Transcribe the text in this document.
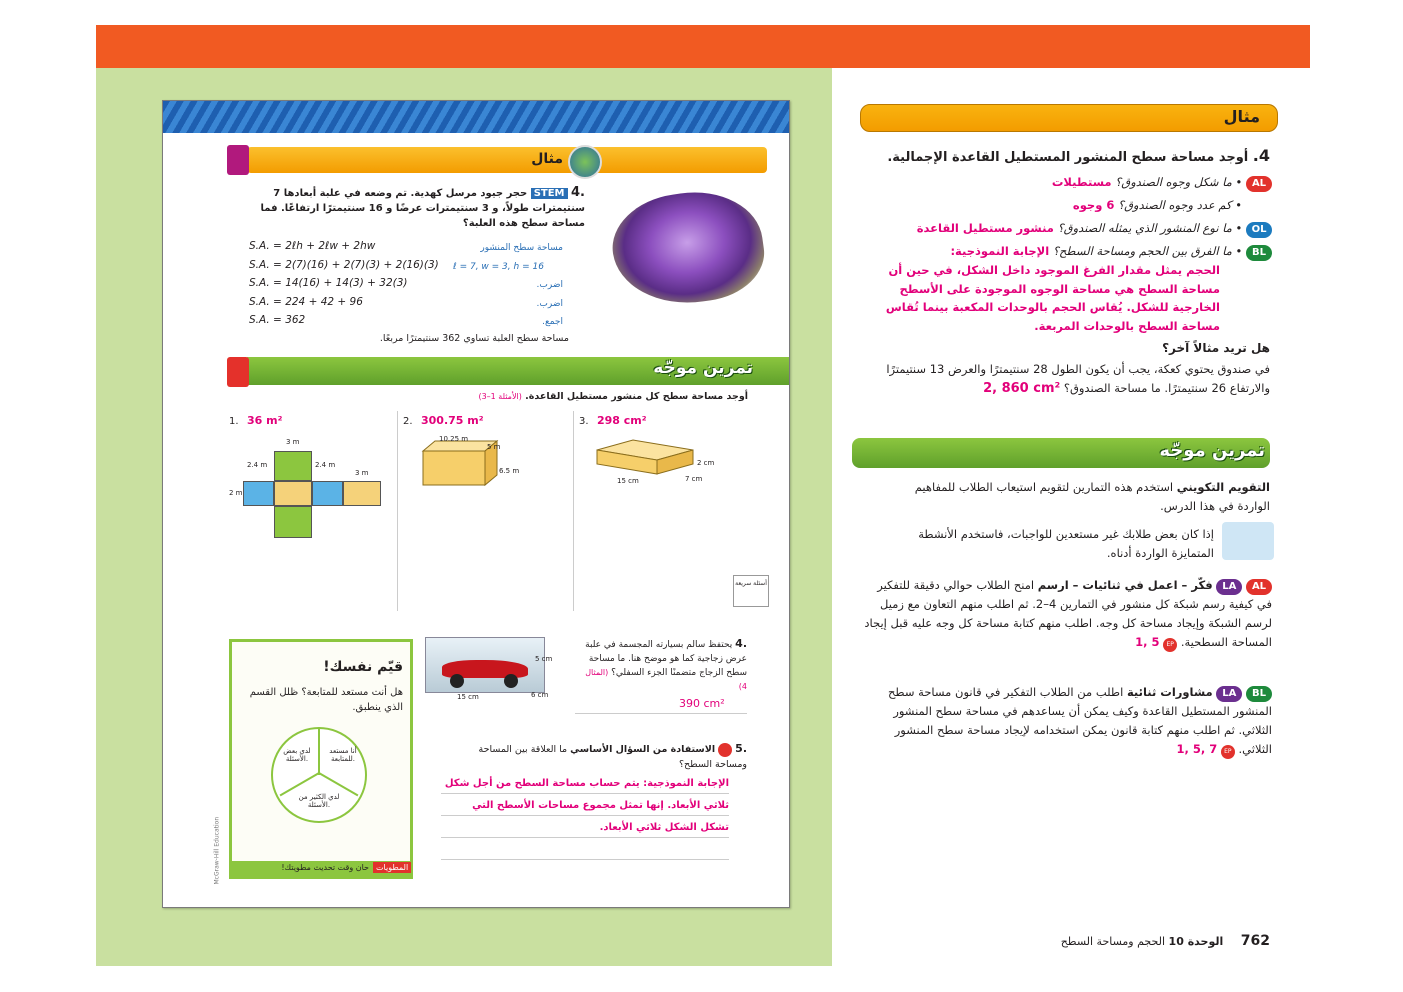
مثال
.4 STEM حجر جيود مرسل كهدية. تم وضعه في علبة أبعادها 7 سنتيمترات طولاً، و 3 سنتيمترات عرضًا و 16 سنتيمترًا ارتفاعًا. فما مساحة سطح هذه العلبة؟
S.A. = 2ℓh + 2ℓw + 2hw
S.A. = 2(7)(16) + 2(7)(3) + 2(16)(3)
S.A. = 14(16) + 14(3) + 32(3)
S.A. = 224 + 42 + 96
S.A. = 362
مساحة سطح المنشور
ℓ = 7, w = 3, h = 16
اضرب.
اضرب.
اجمع.
مساحة سطح العلبة تساوي 362 سنتيمترًا مربعًا.
تمرين موجّه
أوجد مساحة سطح كل منشور مستطيل القاعدة. (الأمثلة 1–3)
1. 36 m²
3 m
2.4 m	2.4 m
3 m
2 m
2. 300.75 m²
10.25 m
5 m
6.5 m
3. 298 cm²
2 cm
15 cm	7 cm
أسئلة سريعة
قيّم نفسك!
هل أنت مستعد للمتابعة؟ ظلل القسم الذي ينطبق.
أنا مستعد للمتابعة.
لدي بعض الأسئلة.
لدي الكثير من الأسئلة.
المطويات
حان وقت تحديث مطويتك!
McGraw-Hill Education
5 cm
6 cm
15 cm
.4 يحتفظ سالم بسيارته المجسمة في علبة عرض زجاجية كما هو موضح هنا. ما مساحة سطح الزجاج متضمنًا الجزء السفلي؟ (المثال 4)
390 cm²
.5  الاستفادة من السؤال الأساسي ما العلاقة بين المساحة ومساحة السطح؟
الإجابة النموذجية: يتم حساب مساحة السطح من أجل شكل ثلاثي الأبعاد. إنها تمثل مجموع مساحات الأسطح التي تشكل الشكل ثلاثي الأبعاد.
مثال
4. أوجد مساحة سطح المنشور المستطيل القاعدة الإجمالية.
AL • ما شكل وجوه الصندوق؟ مستطيلات
• كم عدد وجوه الصندوق؟ 6 وجوه
OL • ما نوع المنشور الذي يمثله الصندوق؟ منشور مستطيل القاعدة
BL • ما الفرق بين الحجم ومساحة السطح؟ الإجابة النموذجية:
الحجم يمثل مقدار الفرغ الموجود داخل الشكل، في حين أن مساحة السطح هي مساحة الوجوه الموجودة على الأسطح الخارجية للشكل. يُقاس الحجم بالوحدات المكعبة بينما تُقاس مساحة السطح بالوحدات المربعة.
هل تريد مثالاً آخر؟
في صندوق يحتوي كعكة، يجب أن يكون الطول 28 سنتيمترًا والعرض 13 سنتيمترًا والارتفاع 26 سنتيمترًا. ما مساحة الصندوق؟ 2, 860 cm²
تمرين موجّه
التقويم التكويني استخدم هذه التمارين لتقويم استيعاب الطلاب للمفاهيم الواردة في هذا الدرس.
إذا كان بعض طلابك غير مستعدين للواجبات، فاستخدم الأنشطة المتمايزة الواردة أدناه.
AL LA فكّر – اعمل في ثنائيات – ارسم امنح الطلاب حوالي دقيقة للتفكير في كيفية رسم شبكة كل منشور في التمارين 4–2. ثم اطلب منهم التعاون مع زميل لرسم الشبكة وإيجاد مساحة كل وجه. اطلب منهم كتابة مساحة كل وجه عليه قبل إيجاد المساحة السطحية. 1, 5 EP
BL LA مشاورات ثنائية اطلب من الطلاب التفكير في قانون مساحة سطح المنشور المستطيل القاعدة وكيف يمكن أن يساعدهم في مساحة سطح المنشور الثلاثي. ثم اطلب منهم كتابة قانون يمكن استخدامه لإيجاد مساحة سطح المنشور الثلاثي. 1, 5, 7 EP
762 الوحدة 10 الحجم ومساحة السطح
